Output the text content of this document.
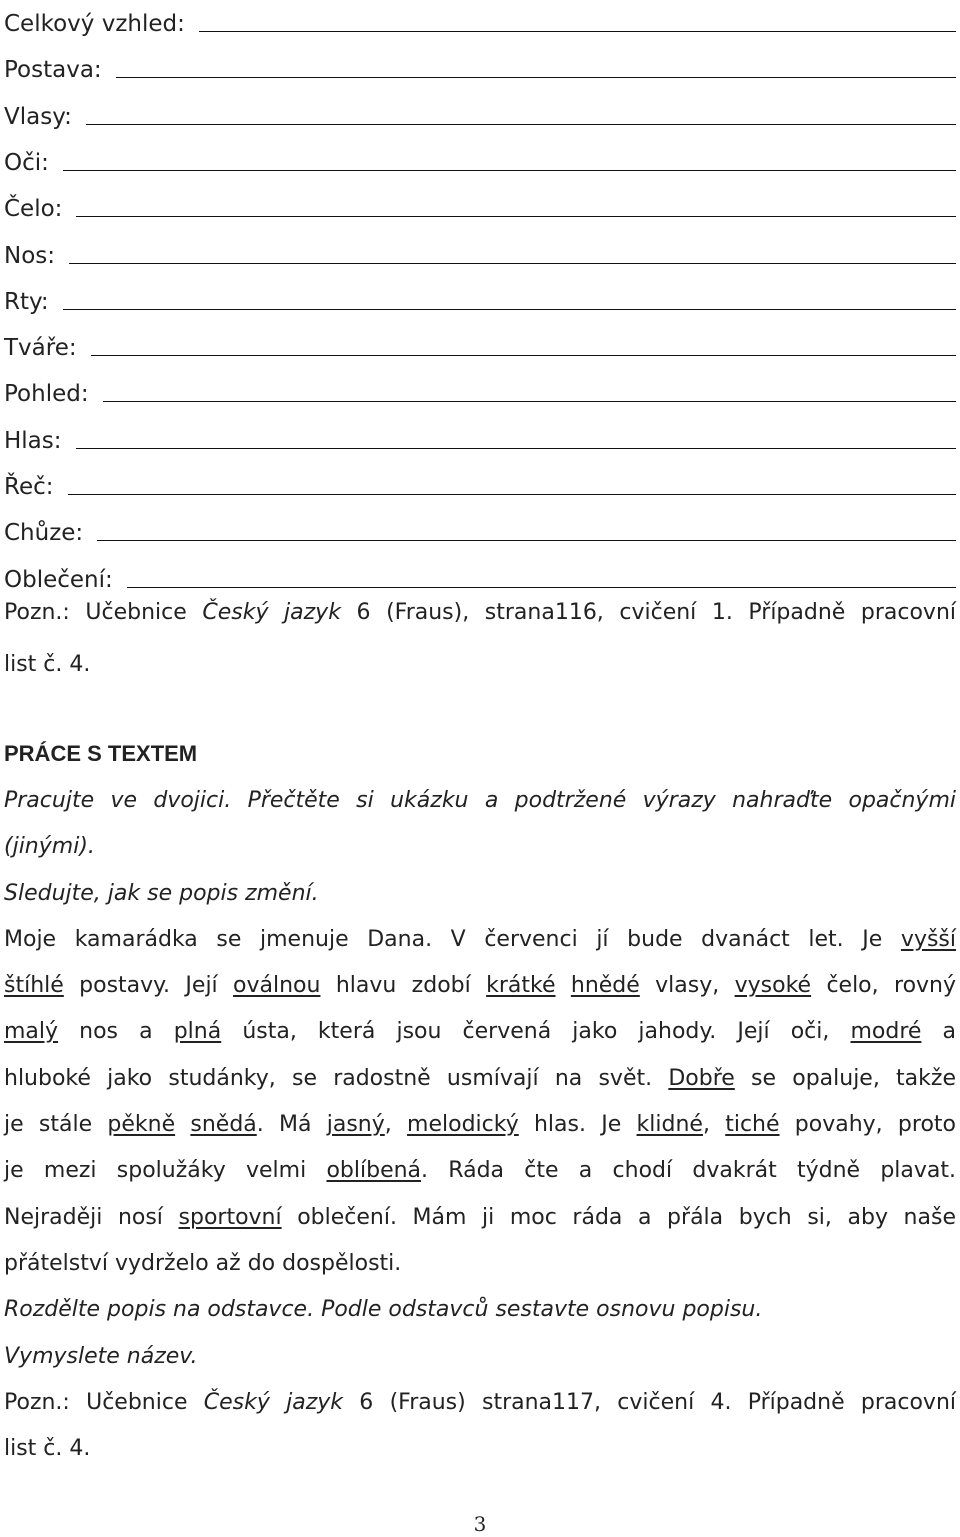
Celkový vzhled:
Postava:
Vlasy:
Oči:
Čelo:
Nos:
Rty:
Tváře:
Pohled:
Hlas:
Řeč:
Chůze:
Oblečení:
Pozn.: Učebnice Český jazyk 6 (Fraus), strana116, cvičení 1. Případně pracovní
list č. 4.
PRÁCE S TEXTEM
Pracujte ve dvojici. Přečtěte si ukázku a podtržené výrazy nahraďte opačnými
(jinými).
Sledujte, jak se popis změní.
Moje kamarádka se jmenuje Dana. V červenci jí bude dvanáct let. Je vyšší
štíhlé postavy. Její oválnou hlavu zdobí krátké hnědé vlasy, vysoké čelo, rovný
malý nos a plná ústa, která jsou červená jako jahody. Její oči, modré a
hluboké jako studánky, se radostně usmívají na svět. Dobře se opaluje, takže
je stále pěkně snědá. Má jasný, melodický hlas. Je klidné, tiché povahy, proto
je mezi spolužáky velmi oblíbená. Ráda čte a chodí dvakrát týdně plavat.
Nejraději nosí sportovní oblečení. Mám ji moc ráda a přála bych si, aby naše
přátelství vydrželo až do dospělosti.
Rozdělte popis na odstavce. Podle odstavců sestavte osnovu popisu.
Vymyslete název.
Pozn.: Učebnice Český jazyk 6 (Fraus) strana117, cvičení 4. Případně pracovní
list č. 4.
3
